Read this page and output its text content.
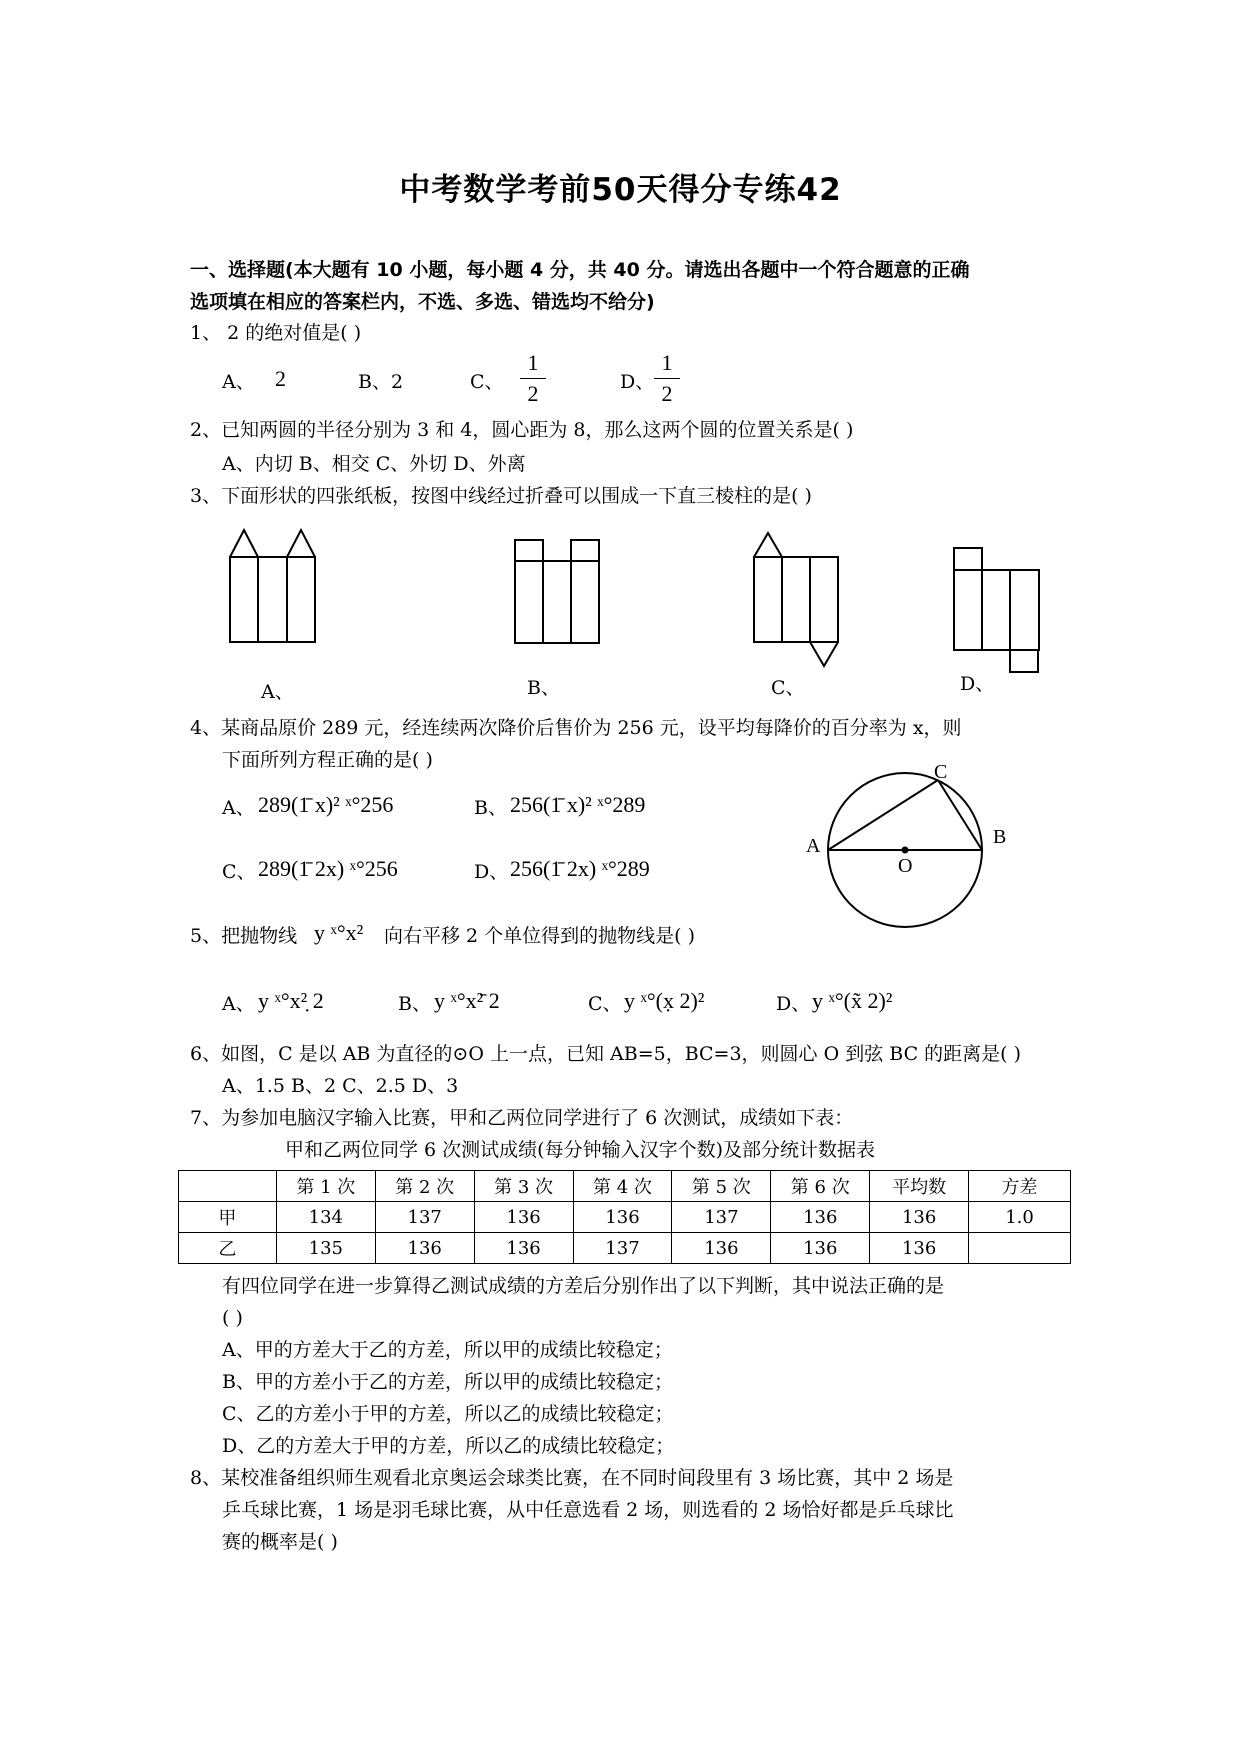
中考数学考前50天得分专练42
一、选择题(本大题有 10 小题，每小题 4 分，共 40 分。请选出各题中一个符合题意的正确
选项填在相应的答案栏内，不选、多选、错选均不给分)
1、 2 的绝对值是( )
A、 2	B、2	C、
1
2	D、
1
2
2、已知两圆的半径分别为 3 和 4，圆心距为 8，那么这两个圆的位置关系是( )
A、内切 B、相交 C、外切 D、外离
3、下面形状的四张纸板，按图中线经过折叠可以围成一下直三棱柱的是( )
A、	B、	C、	D、
4、某商品原价 289 元，经连续两次降价后售价为 256 元，设平均每降价的百分率为 x，则
下面所列方程正确的是( )
A、 289(1̄ x)² ˣ°256	B、 256(1̄ x)² ˣ°289
C、 289(1̄ 2x) ˣ°256	D、 256(1̄ 2x) ˣ°289
A	B
C
O
5、把抛物线 y ˣ°x² 向右平移 2 个单位得到的抛物线是( )
A、 y ˣ°x²̣ 2	B、 y ˣ°x²̄ 2	C、 y ˣ°(x̣ 2)²	D、 y ˣ°(x̃ 2)²
6、如图，C 是以 AB 为直径的⊙O 上一点，已知 AB=5，BC=3，则圆心 O 到弦 BC 的距离是( )
A、1.5 B、2 C、2.5 D、3
7、为参加电脑汉字输入比赛，甲和乙两位同学进行了 6 次测试，成绩如下表：
甲和乙两位同学 6 次测试成绩(每分钟输入汉字个数)及部分统计数据表
	第 1 次	第 2 次	第 3 次	第 4 次	第 5 次	第 6 次	平均数	方差
甲	134	137	136	136	137	136	136	1.0
乙	135	136	136	137	136	136	136	
有四位同学在进一步算得乙测试成绩的方差后分别作出了以下判断，其中说法正确的是
( )
A、甲的方差大于乙的方差，所以甲的成绩比较稳定；
B、甲的方差小于乙的方差，所以甲的成绩比较稳定；
C、乙的方差小于甲的方差，所以乙的成绩比较稳定；
D、乙的方差大于甲的方差，所以乙的成绩比较稳定；
8、某校准备组织师生观看北京奥运会球类比赛，在不同时间段里有 3 场比赛，其中 2 场是
乒乓球比赛，1 场是羽毛球比赛，从中任意选看 2 场，则选看的 2 场恰好都是乒乓球比
赛的概率是( )
